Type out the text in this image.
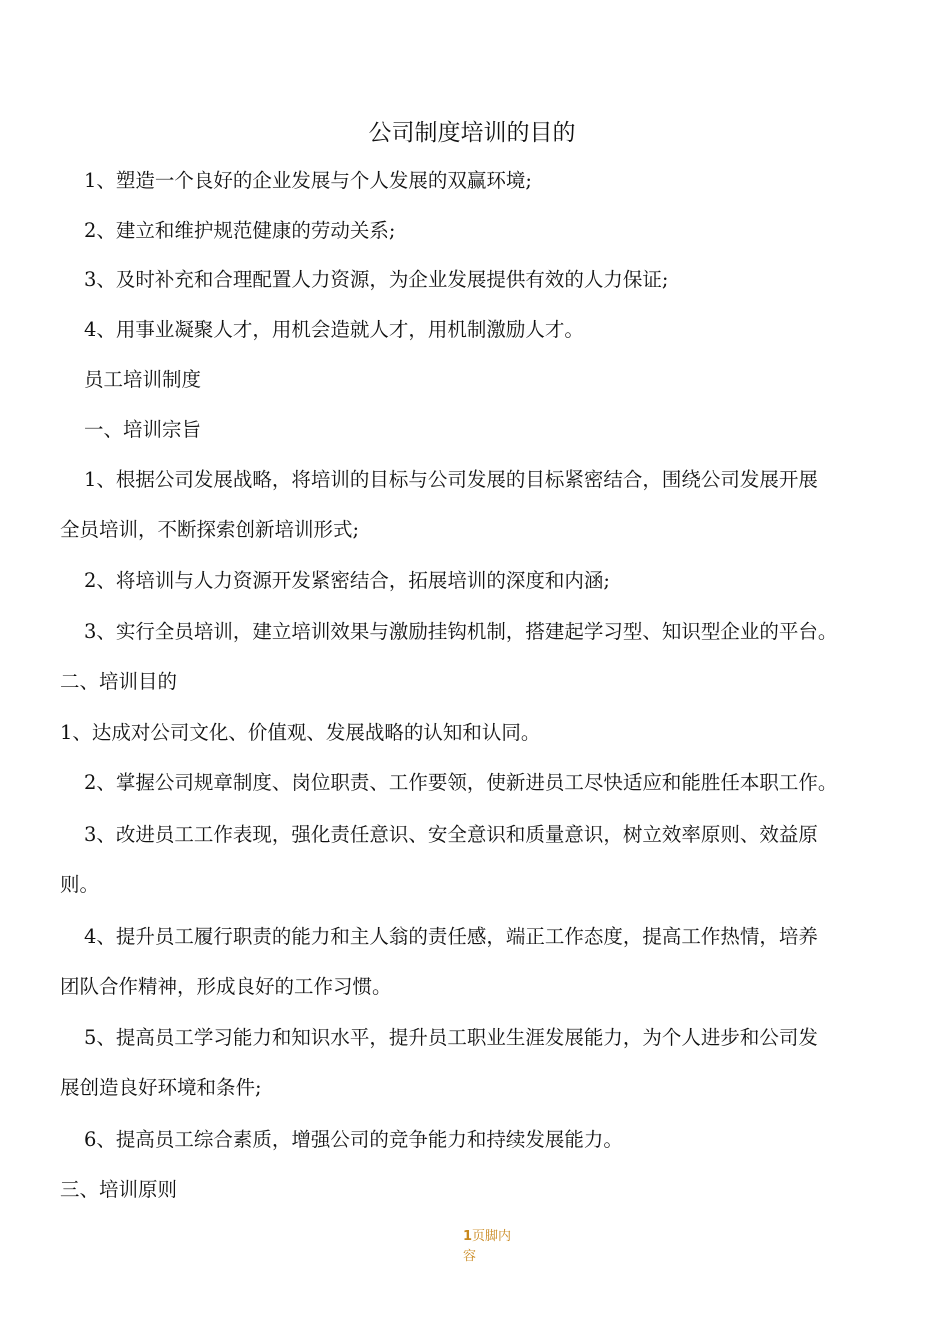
公司制度培训的目的
1、塑造一个良好的企业发展与个人发展的双赢环境;
2、建立和维护规范健康的劳动关系;
3、及时补充和合理配置人力资源，为企业发展提供有效的人力保证;
4、用事业凝聚人才，用机会造就人才，用机制激励人才。
员工培训制度
一、培训宗旨
1、根据公司发展战略，将培训的目标与公司发展的目标紧密结合，围绕公司发展开展
全员培训，不断探索创新培训形式;
2、将培训与人力资源开发紧密结合，拓展培训的深度和内涵;
3、实行全员培训，建立培训效果与激励挂钩机制，搭建起学习型、知识型企业的平台。
二、培训目的
1、达成对公司文化、价值观、发展战略的认知和认同。
2、掌握公司规章制度、岗位职责、工作要领，使新进员工尽快适应和能胜任本职工作。
3、改进员工工作表现，强化责任意识、安全意识和质量意识，树立效率原则、效益原
则。
4、提升员工履行职责的能力和主人翁的责任感，端正工作态度，提高工作热情，培养
团队合作精神，形成良好的工作习惯。
5、提高员工学习能力和知识水平，提升员工职业生涯发展能力，为个人进步和公司发
展创造良好环境和条件;
6、提高员工综合素质，增强公司的竞争能力和持续发展能力。
三、培训原则
1页脚内
容
